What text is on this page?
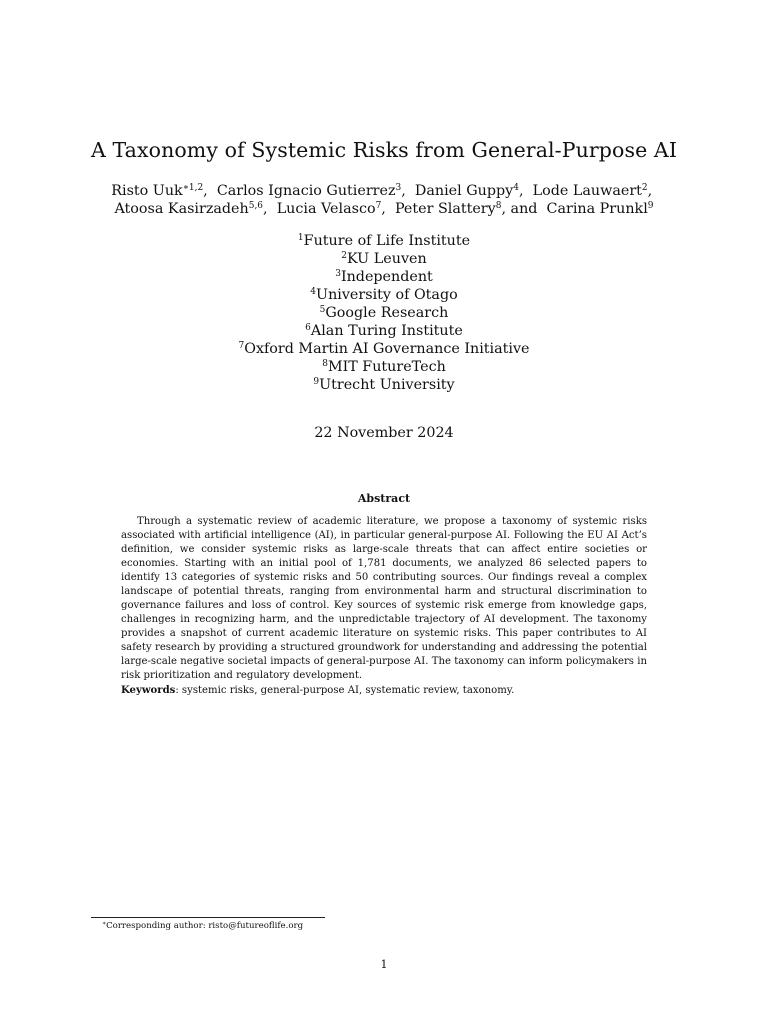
A Taxonomy of Systemic Risks from General-Purpose AI
Risto Uuk$^{∗1,2}$,  Carlos Ignacio Gutierrez$^3$,  Daniel Guppy$^4$,  Lode Lauwaert$^2$,  Atoosa Kasirzadeh$^{5,6}$,  Lucia Velasco$^7$,  Peter Slattery$^8$, and  Carina Prunkl$^9$
$^1$Future of Life Institute
$^2$KU Leuven
$^3$Independent
$^4$University of Otago
$^5$Google Research
$^6$Alan Turing Institute
$^7$Oxford Martin AI Governance Initiative
$^8$MIT FutureTech
$^9$Utrecht University
22 November 2024
Abstract

Through a systematic review of academic literature, we propose a taxonomy of systemic risks associated with artificial intelligence (AI), in particular general-purpose AI. Following the EU AI Act’s definition, we consider systemic risks as large-scale threats that can affect entire societies or economies. Starting with an initial pool of 1,781 documents, we analyzed 86 selected papers to identify 13 categories of systemic risks and 50 contributing sources. Our findings reveal a complex landscape of potential threats, ranging from environmental harm and structural discrimination to governance failures and loss of control. Key sources of systemic risk emerge from knowledge gaps, challenges in recognizing harm, and the unpredictable trajectory of AI development. The taxonomy provides a snapshot of current academic literature on systemic risks. This paper contributes to AI safety research by providing a structured groundwork for understanding and addressing the potential large-scale negative societal impacts of general-purpose AI. The taxonomy can inform policymakers in risk prioritization and regulatory development.

Keywords: systemic risks, general-purpose AI, systematic review, taxonomy.

∗Corresponding author: risto@futureoflife.org
1
